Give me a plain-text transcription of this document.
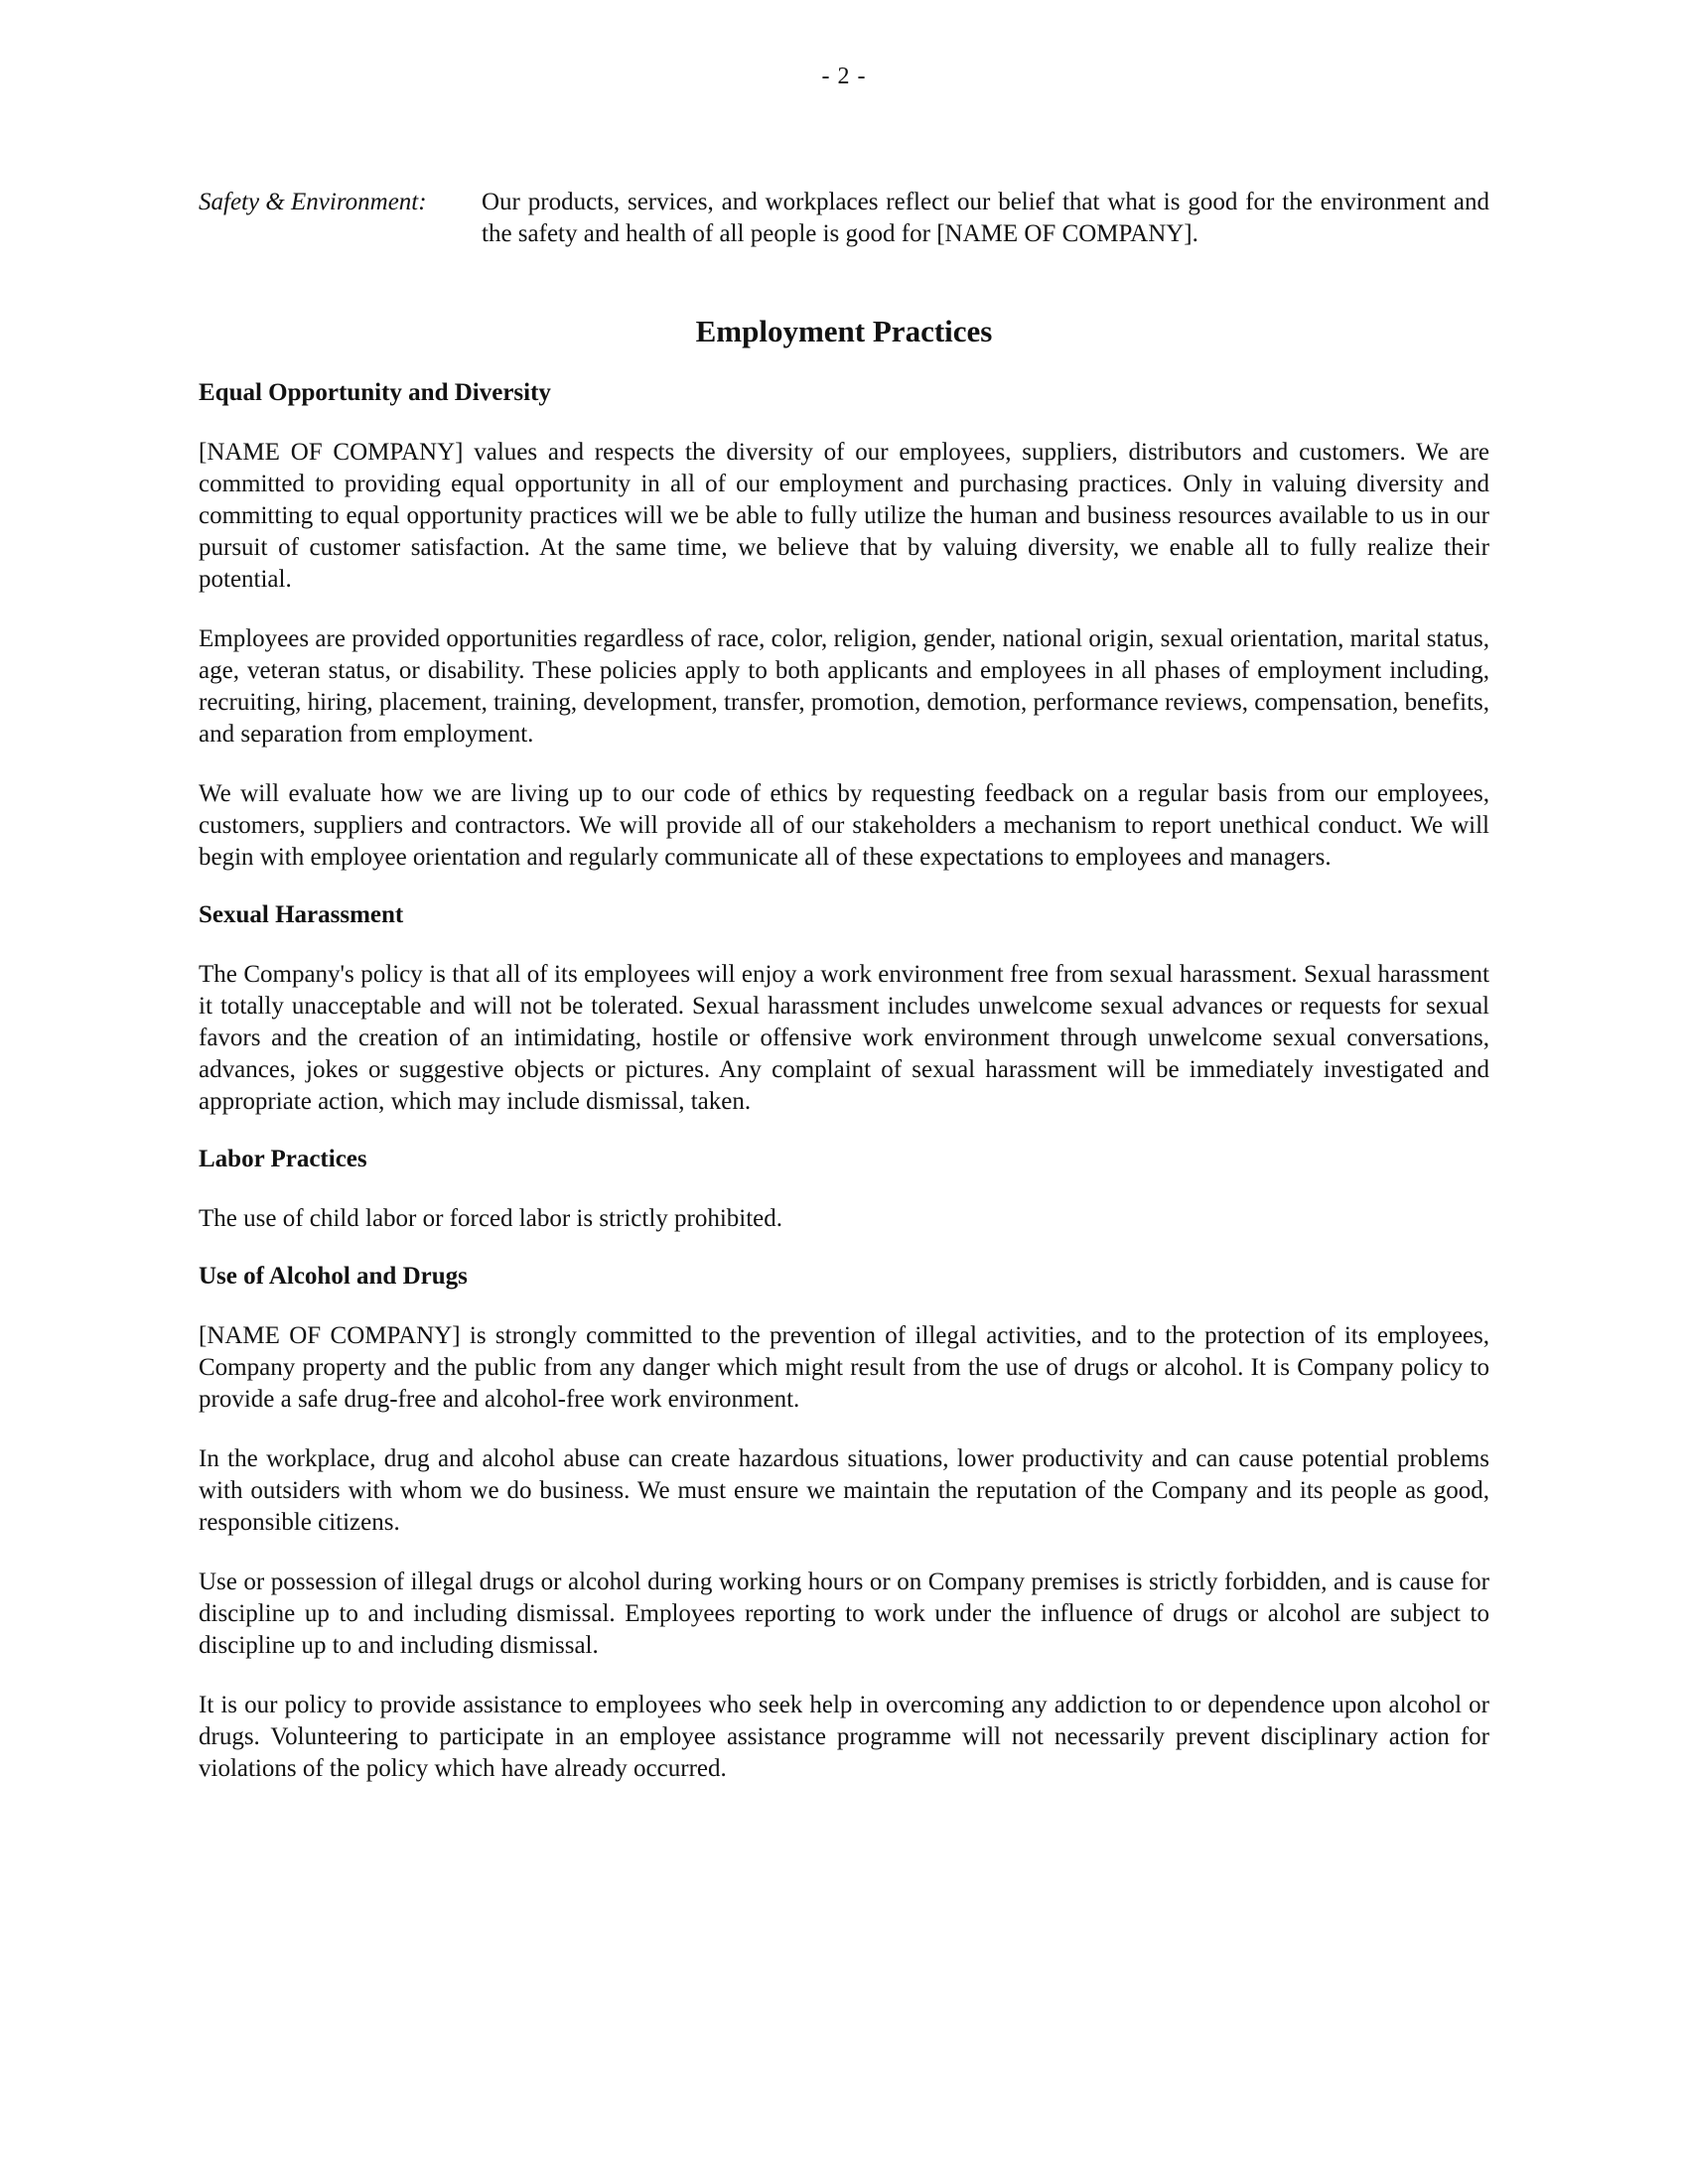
- 2 -
Safety & Environment:	Our products, services, and workplaces reflect our belief that what is good for the environment and the safety and health of all people is good for [NAME OF COMPANY].
Employment Practices
Equal Opportunity and Diversity

[NAME OF COMPANY] values and respects the diversity of our employees, suppliers, distributors and customers. We are committed to providing equal opportunity in all of our employment and purchasing practices. Only in valuing diversity and committing to equal opportunity practices will we be able to fully utilize the human and business resources available to us in our pursuit of customer satisfaction. At the same time, we believe that by valuing diversity, we enable all to fully realize their potential.

Employees are provided opportunities regardless of race, color, religion, gender, national origin, sexual orientation, marital status, age, veteran status, or disability. These policies apply to both applicants and employees in all phases of employment including, recruiting, hiring, placement, training, development, transfer, promotion, demotion, performance reviews, compensation, benefits, and separation from employment.

We will evaluate how we are living up to our code of ethics by requesting feedback on a regular basis from our employees, customers, suppliers and contractors. We will provide all of our stakeholders a mechanism to report unethical conduct. We will begin with employee orientation and regularly communicate all of these expectations to employees and managers.

Sexual Harassment

The Company's policy is that all of its employees will enjoy a work environment free from sexual harassment. Sexual harassment it totally unacceptable and will not be tolerated. Sexual harassment includes unwelcome sexual advances or requests for sexual favors and the creation of an intimidating, hostile or offensive work environment through unwelcome sexual conversations, advances, jokes or suggestive objects or pictures. Any complaint of sexual harassment will be immediately investigated and appropriate action, which may include dismissal, taken.

Labor Practices

The use of child labor or forced labor is strictly prohibited.

Use of Alcohol and Drugs

[NAME OF COMPANY] is strongly committed to the prevention of illegal activities, and to the protection of its employees, Company property and the public from any danger which might result from the use of drugs or alcohol. It is Company policy to provide a safe drug-free and alcohol-free work environment.

In the workplace, drug and alcohol abuse can create hazardous situations, lower productivity and can cause potential problems with outsiders with whom we do business. We must ensure we maintain the reputation of the Company and its people as good, responsible citizens.

Use or possession of illegal drugs or alcohol during working hours or on Company premises is strictly forbidden, and is cause for discipline up to and including dismissal. Employees reporting to work under the influence of drugs or alcohol are subject to discipline up to and including dismissal.

It is our policy to provide assistance to employees who seek help in overcoming any addiction to or dependence upon alcohol or drugs. Volunteering to participate in an employee assistance programme will not necessarily prevent disciplinary action for violations of the policy which have already occurred.
